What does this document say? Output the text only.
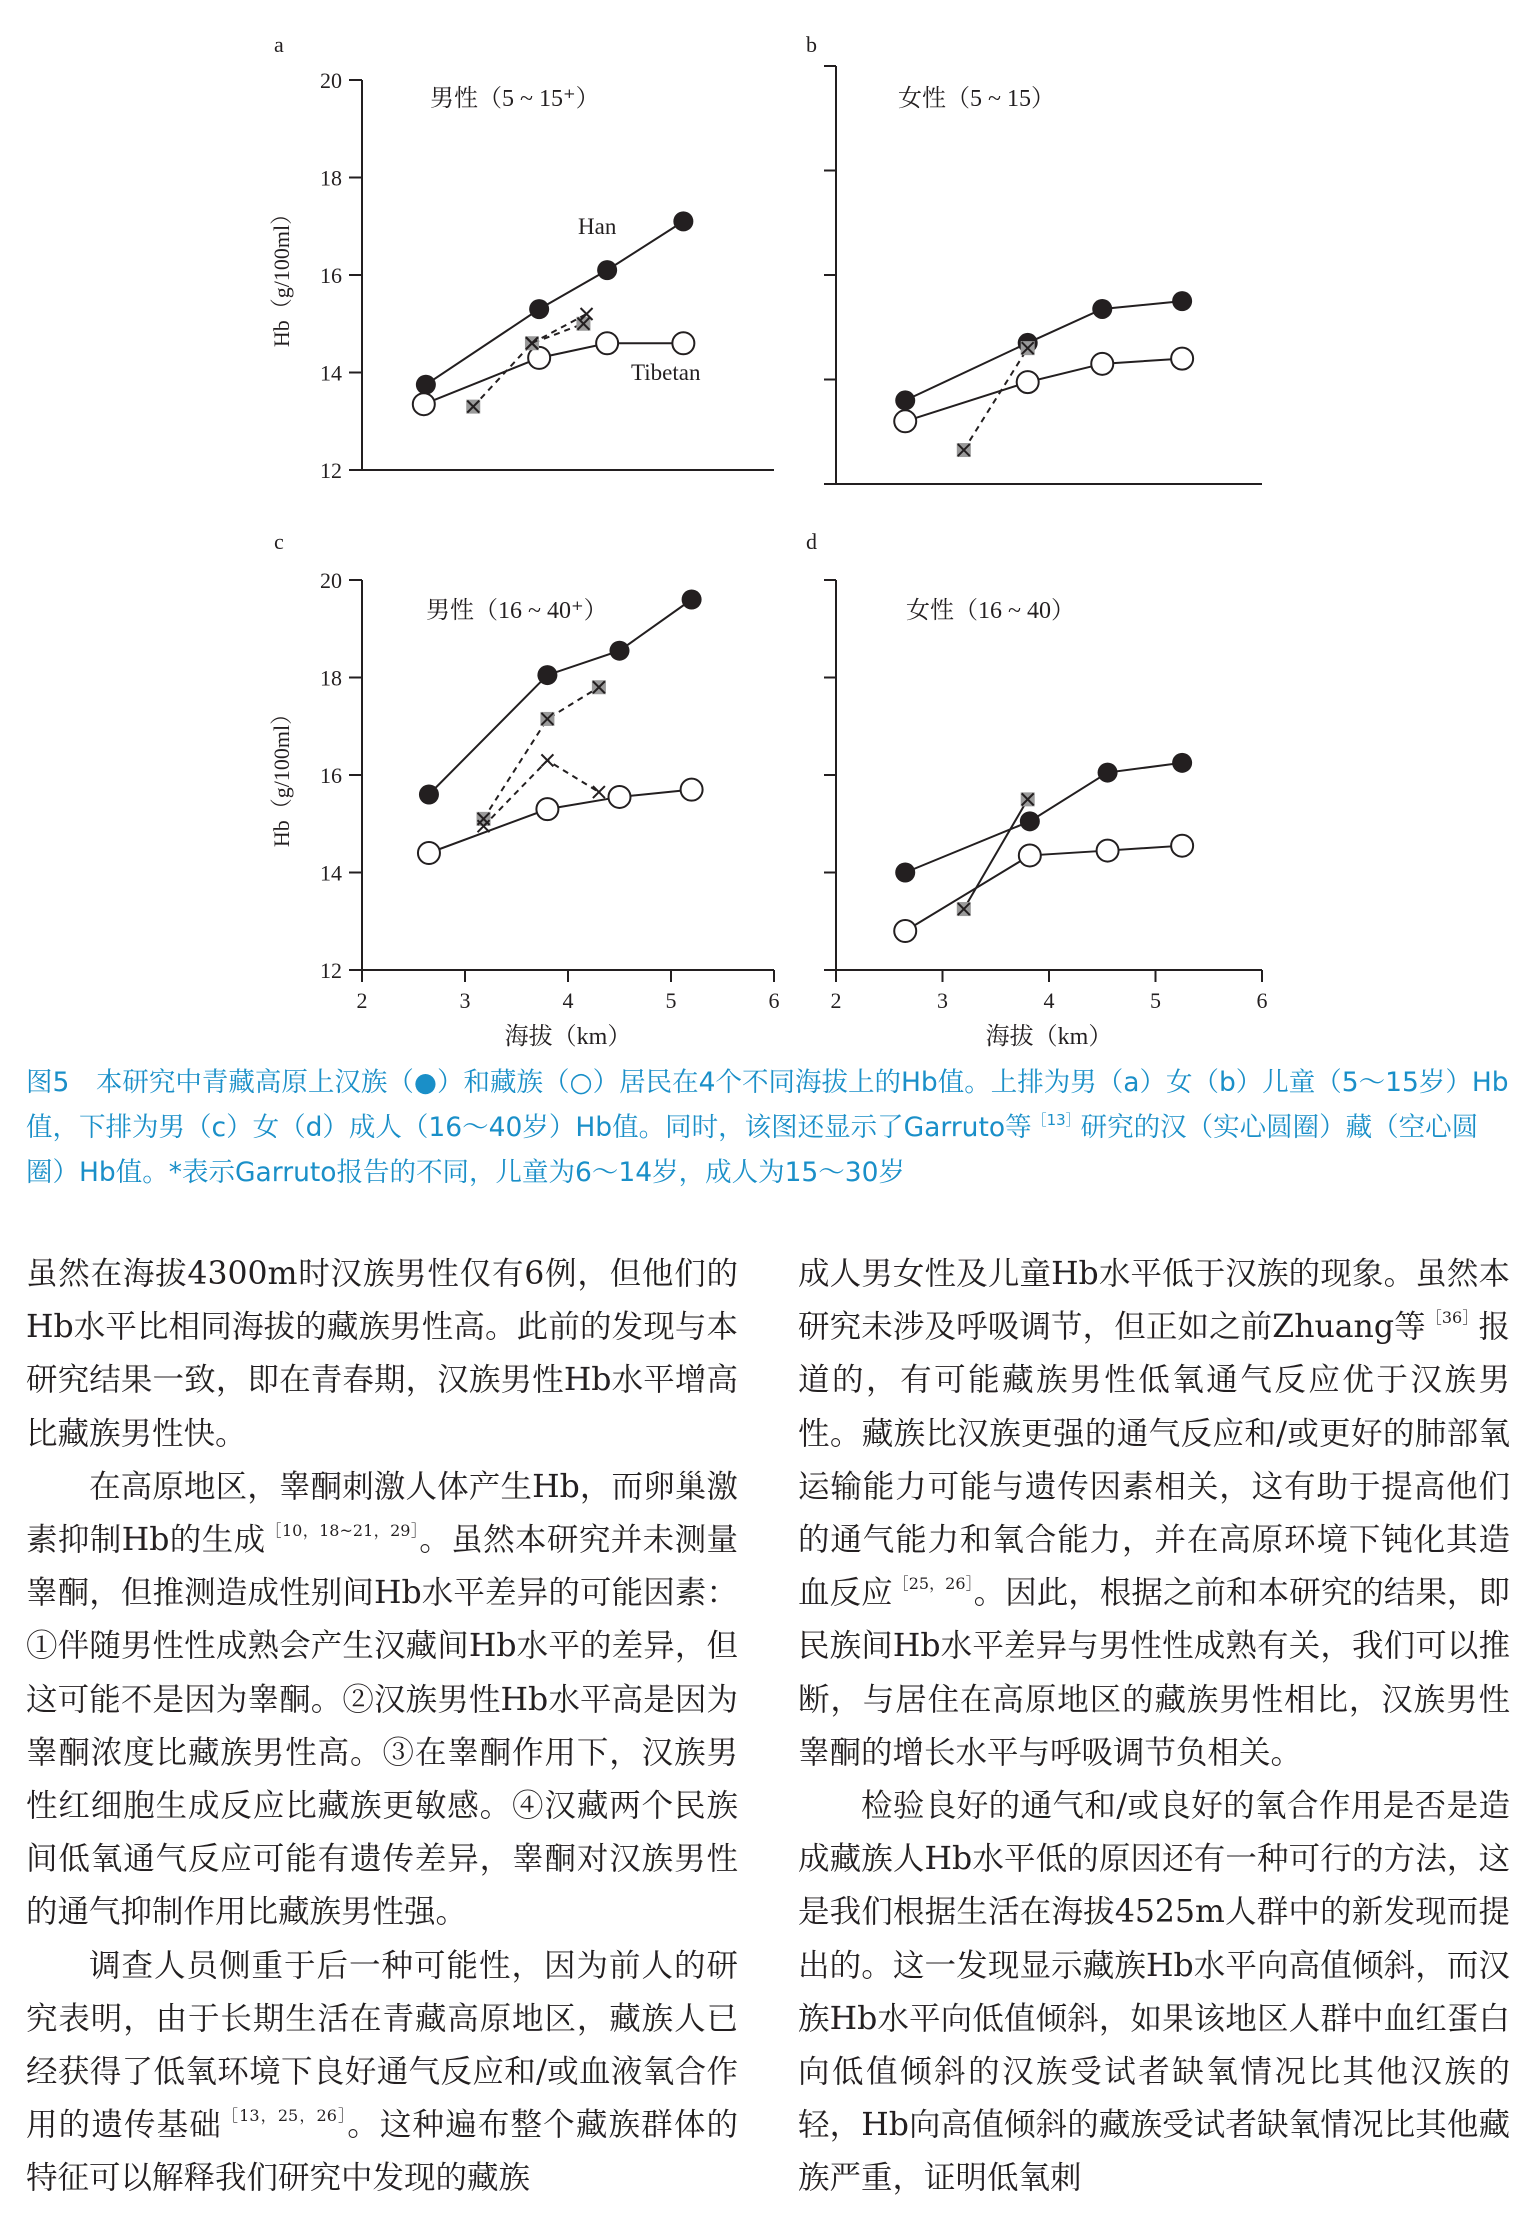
a
12
14
16
18
20
Hb（g/100ml）
男性（5 ~ 15⁺）
Han
Tibetan
b
女性（5 ~ 15）
c
12
14
16
18
20
2	3	4	5	6
Hb（g/100ml）
海拔（km）
男性（16 ~ 40⁺）
d
2	3	4	5	6
海拔（km）
女性（16 ~ 40）
图5　本研究中青藏高原上汉族（●）和藏族（○）居民在4个不同海拔上的Hb值。上排为男（a）女（b）儿童（5～15岁）Hb值，下排为男（c）女（d）成人（16～40岁）Hb值。同时，该图还显示了Garruto等$^{[13]}$研究的汉（实心圆圈）藏（空心圆圈）Hb值。*表示Garruto报告的不同，儿童为6～14岁，成人为15～30岁

虽然在海拔4300m时汉族男性仅有6例，但他们的Hb水平比相同海拔的藏族男性高。此前的发现与本研究结果一致，即在青春期，汉族男性Hb水平增高比藏族男性快。

在高原地区，睾酮刺激人体产生Hb，而卵巢激素抑制Hb的生成$^{[10,18\sim 21,29]}$。虽然本研究并未测量睾酮，但推测造成性别间Hb水平差异的可能因素：①伴随男性性成熟会产生汉藏间Hb水平的差异，但这可能不是因为睾酮。②汉族男性Hb水平高是因为睾酮浓度比藏族男性高。③在睾酮作用下，汉族男性红细胞生成反应比藏族更敏感。④汉藏两个民族间低氧通气反应可能有遗传差异，睾酮对汉族男性的通气抑制作用比藏族男性强。

调查人员侧重于后一种可能性，因为前人的研究表明，由于长期生活在青藏高原地区，藏族人已经获得了低氧环境下良好通气反应和/或血液氧合作用的遗传基础$^{[13,25,26]}$。这种遍布整个藏族群体的特征可以解释我们研究中发现的藏族

成人男女性及儿童Hb水平低于汉族的现象。虽然本研究未涉及呼吸调节，但正如之前Zhuang等$^{[36]}$报道的，有可能藏族男性低氧通气反应优于汉族男性。藏族比汉族更强的通气反应和/或更好的肺部氧运输能力可能与遗传因素相关，这有助于提高他们的通气能力和氧合能力，并在高原环境下钝化其造血反应$^{[25,26]}$。因此，根据之前和本研究的结果，即民族间Hb水平差异与男性性成熟有关，我们可以推断，与居住在高原地区的藏族男性相比，汉族男性睾酮的增长水平与呼吸调节负相关。

检验良好的通气和/或良好的氧合作用是否是造成藏族人Hb水平低的原因还有一种可行的方法，这是我们根据生活在海拔4525m人群中的新发现而提出的。这一发现显示藏族Hb水平向高值倾斜，而汉族Hb水平向低值倾斜，如果该地区人群中血红蛋白向低值倾斜的汉族受试者缺氧情况比其他汉族的轻，Hb向高值倾斜的藏族受试者缺氧情况比其他藏族严重，证明低氧刺
